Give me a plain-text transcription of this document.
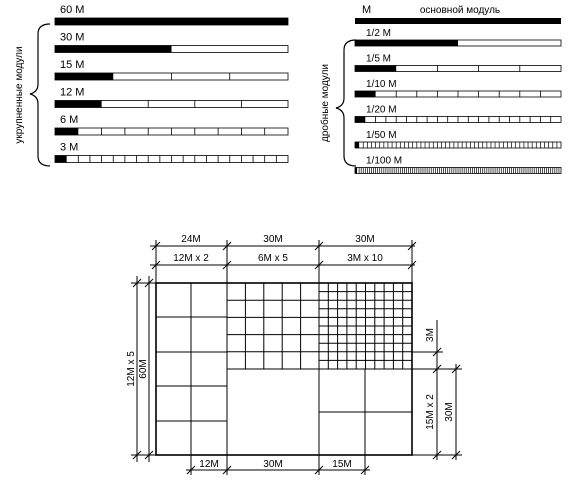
60 М
30 М
15 М
12 М
6 М
3 М
укрупненные модули
М	основной модуль
1/2 М
1/5 М
1/10 М
1/20 М
1/50 М
1/100 М
дробные модули
24М	30М	30М
12М х 2	6М х 5	3М х 10
12М х 5 60М
3М
15М х 2 30М
12М	30М	15М
